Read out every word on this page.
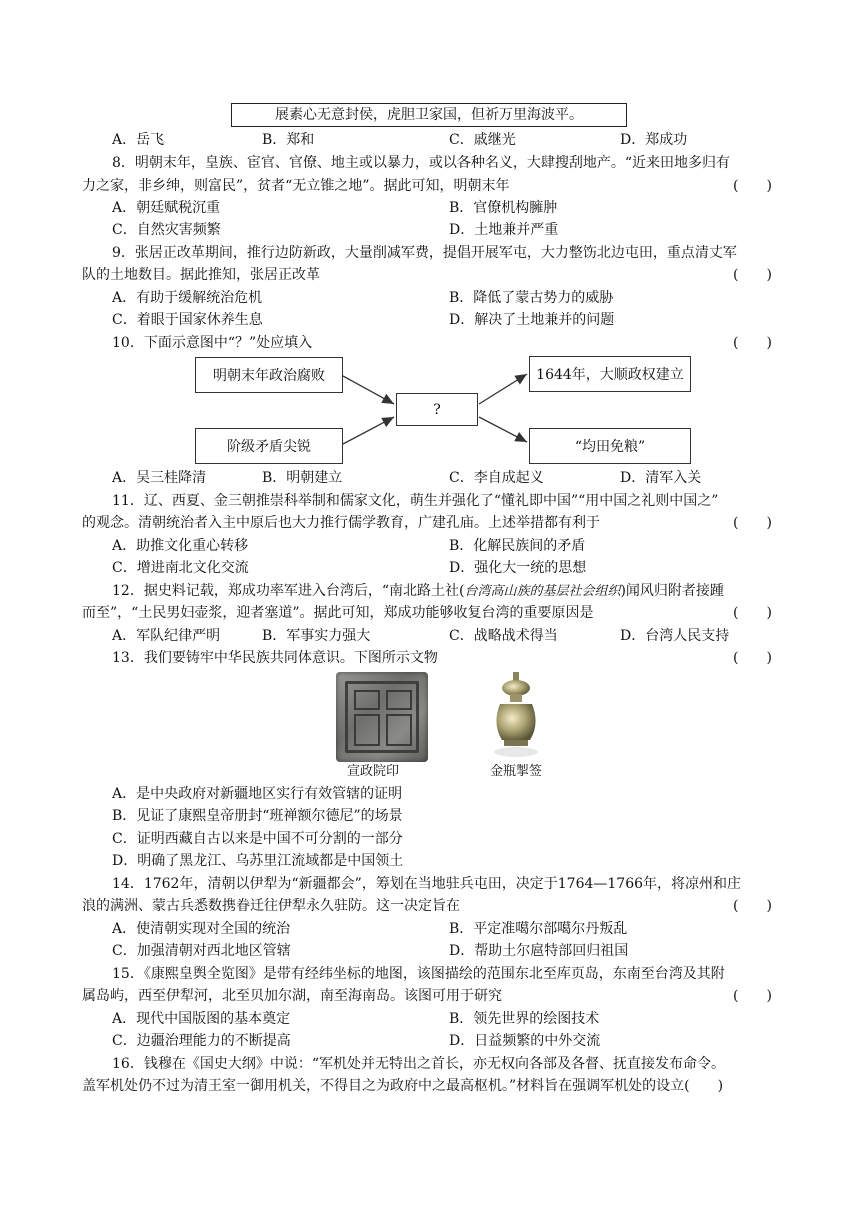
展素心无意封侯，虎胆卫家国，但祈万里海波平。
A．岳飞	B．郑和	C．戚继光	D．郑成功
8．明朝末年，皇族、宦官、官僚、地主或以暴力，或以各种名义，大肆搜刮地产。“近来田地多归有
力之家，非乡绅，则富民”，贫者“无立锥之地”。据此可知，明朝末年	(　　)
A．朝廷赋税沉重	B．官僚机构臃肿
C．自然灾害频繁	D．土地兼并严重
9．张居正改革期间，推行边防新政，大量削减军费，提倡开展军屯，大力整饬北边屯田，重点清丈军
队的土地数目。据此推知，张居正改革	(　　)
A．有助于缓解统治危机	B．降低了蒙古势力的威胁
C．着眼于国家休养生息	D．解决了土地兼并的问题
10．下面示意图中“？”处应填入	(　　)
明朝末年政治腐败
阶级矛盾尖锐
?
1644年，大顺政权建立
“均田免粮”
A．吴三桂降清	B．明朝建立	C．李自成起义	D．清军入关
11．辽、西夏、金三朝推崇科举制和儒家文化，萌生并强化了“懂礼即中国”“用中国之礼则中国之”
的观念。清朝统治者入主中原后也大力推行儒学教育，广建孔庙。上述举措都有利于	(　　)
A．助推文化重心转移	B．化解民族间的矛盾
C．增进南北文化交流	D．强化大一统的思想
12．据史料记载，郑成功率军进入台湾后，“南北路土社(台湾高山族的基层社会组织)闻风归附者接踵
而至”，“土民男妇壶浆，迎者塞道”。据此可知，郑成功能够收复台湾的重要原因是	(　　)
A．军队纪律严明	B．军事实力强大	C．战略战术得当	D．台湾人民支持
13．我们要铸牢中华民族共同体意识。下图所示文物	(　　)
宣政院印	金瓶掣签
A．是中央政府对新疆地区实行有效管辖的证明
B．见证了康熙皇帝册封“班禅额尔德尼”的场景
C．证明西藏自古以来是中国不可分割的一部分
D．明确了黑龙江、乌苏里江流域都是中国领土
14．1762年，清朝以伊犁为“新疆都会”，筹划在当地驻兵屯田，决定于1764—1766年，将凉州和庄
浪的满洲、蒙古兵悉数携眷迁往伊犁永久驻防。这一决定旨在	(　　)
A．使清朝实现对全国的统治	B．平定准噶尔部噶尔丹叛乱
C．加强清朝对西北地区管辖	D．帮助土尔扈特部回归祖国
15．《康熙皇舆全览图》是带有经纬坐标的地图，该图描绘的范围东北至库页岛，东南至台湾及其附
属岛屿，西至伊犁河，北至贝加尔湖，南至海南岛。该图可用于研究	(　　)
A．现代中国版图的基本奠定	B．领先世界的绘图技术
C．边疆治理能力的不断提高	D．日益频繁的中外交流
16．钱穆在《国史大纲》中说：“军机处并无特出之首长，亦无权向各部及各督、抚直接发布命令。
盖军机处仍不过为清王室一御用机关，不得目之为政府中之最高枢机。”材料旨在强调军机处的设立(　　)
